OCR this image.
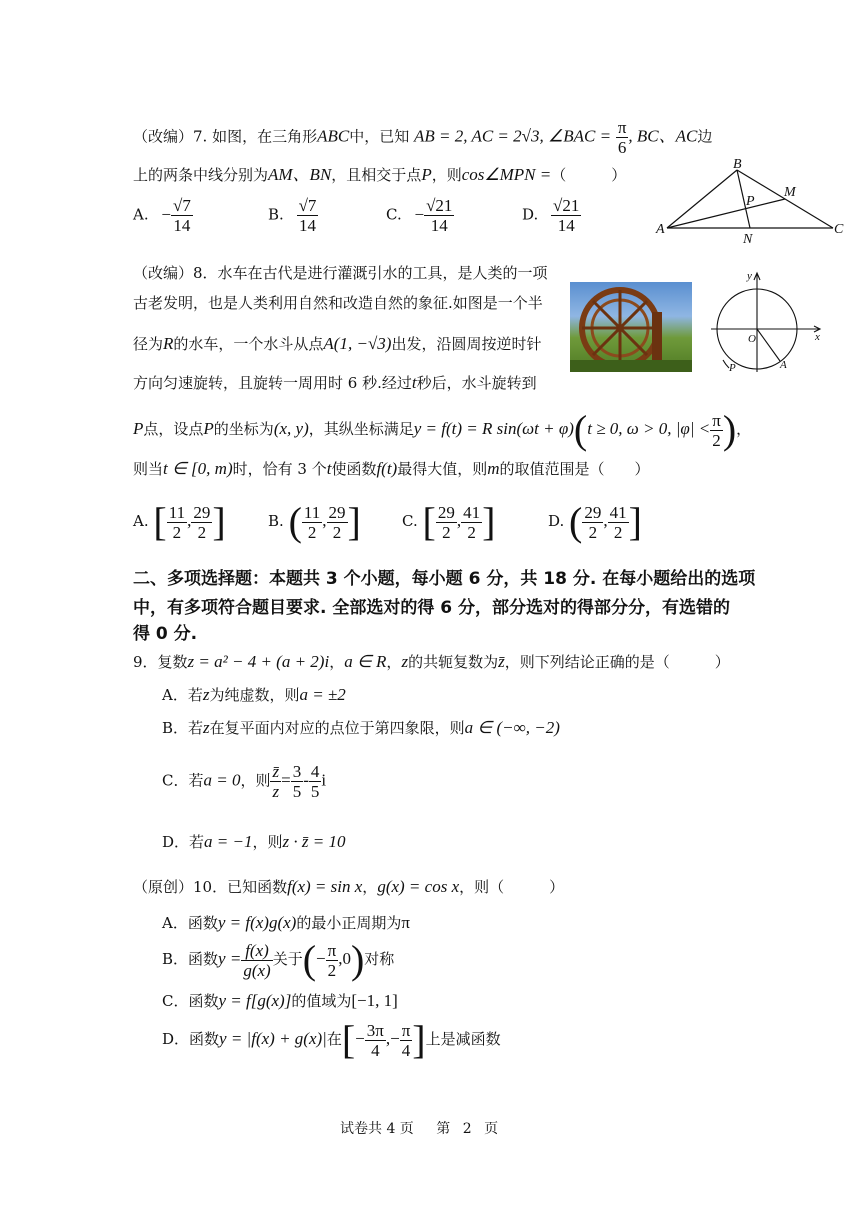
（改编）7. 如图，在三角形ABC中，已知 AB = 2, AC = 2√3, ∠BAC = $\frac{\pi}{6}$ , BC、AC边
上的两条中线分别为AM、BN，且相交于点P，则cos∠MPN =（　　　）
A. − $\frac{√7}{14}$	B. $\frac{√7}{14}$	C. − $\frac{√21}{14}$	D. $\frac{√21}{14}$	A
B
C
M
N
P
（改编）8．水车在古代是进行灌溉引水的工具，是人类的一项
古老发明，也是人类利用自然和改造自然的象征.如图是一个半
径为R的水车，一个水斗从点A(1, −√3)出发，沿圆周按逆时针
方向匀速旋转，且旋转一周用时 6 秒.经过t秒后，水斗旋转到
P点，设点P的坐标为(x, y)，其纵坐标满足y = f(t) = R sin(ωt + φ)(t ≥ 0, ω > 0, $|\varphi| < \frac{\pi}{2}$ )，
则当t ∈ [0, m)时，恰有 3 个t使函数f(t)最得大值，则m的取值范围是（　　）
A. [ $\frac{11}{2}$ , $\frac{29}{2}$ ]	B. ( $\frac{11}{2}$ , $\frac{29}{2}$ ]	C. [ $\frac{29}{2}$ , $\frac{41}{2}$ ]	D. ( $\frac{29}{2}$ , $\frac{41}{2}$ ]
y
x
O
A
P
二、多项选择题：本题共 3 个小题，每小题 6 分，共 18 分. 在每小题给出的选项
中，有多项符合题目要求. 全部选对的得 6 分，部分选对的得部分分，有选错的
得 0 分.
9．复数z = a² − 4 + (a + 2)i，a ∈ R，z的共轭复数为z̄，则下列结论正确的是（　　　）
A．若z为纯虚数，则a = ±2
B．若z在复平面内对应的点位于第四象限，则a ∈ (−∞, −2)
C．若a = 0，则 $\frac{z̄}{z} = \frac{3}{5} - \frac{4}{5}$ i
D．若a = −1，则z · z̄ = 10
（原创）10．已知函数f(x) = sin x，g(x) = cos x，则（　　　）
A．函数y = f(x)g(x)的最小正周期为π
B．函数$y = \frac{f(x)}{g(x)}$ 关于(− $\frac{\pi}{2} ,0$)对称
C．函数y = f[g(x)]的值域为[−1, 1]
D．函数y = |f(x) + g(x)|在[− $\frac{3\pi}{4}$ ,− $\frac{\pi}{4}$ ]上是减函数
试卷共 4 页 第 2 页
